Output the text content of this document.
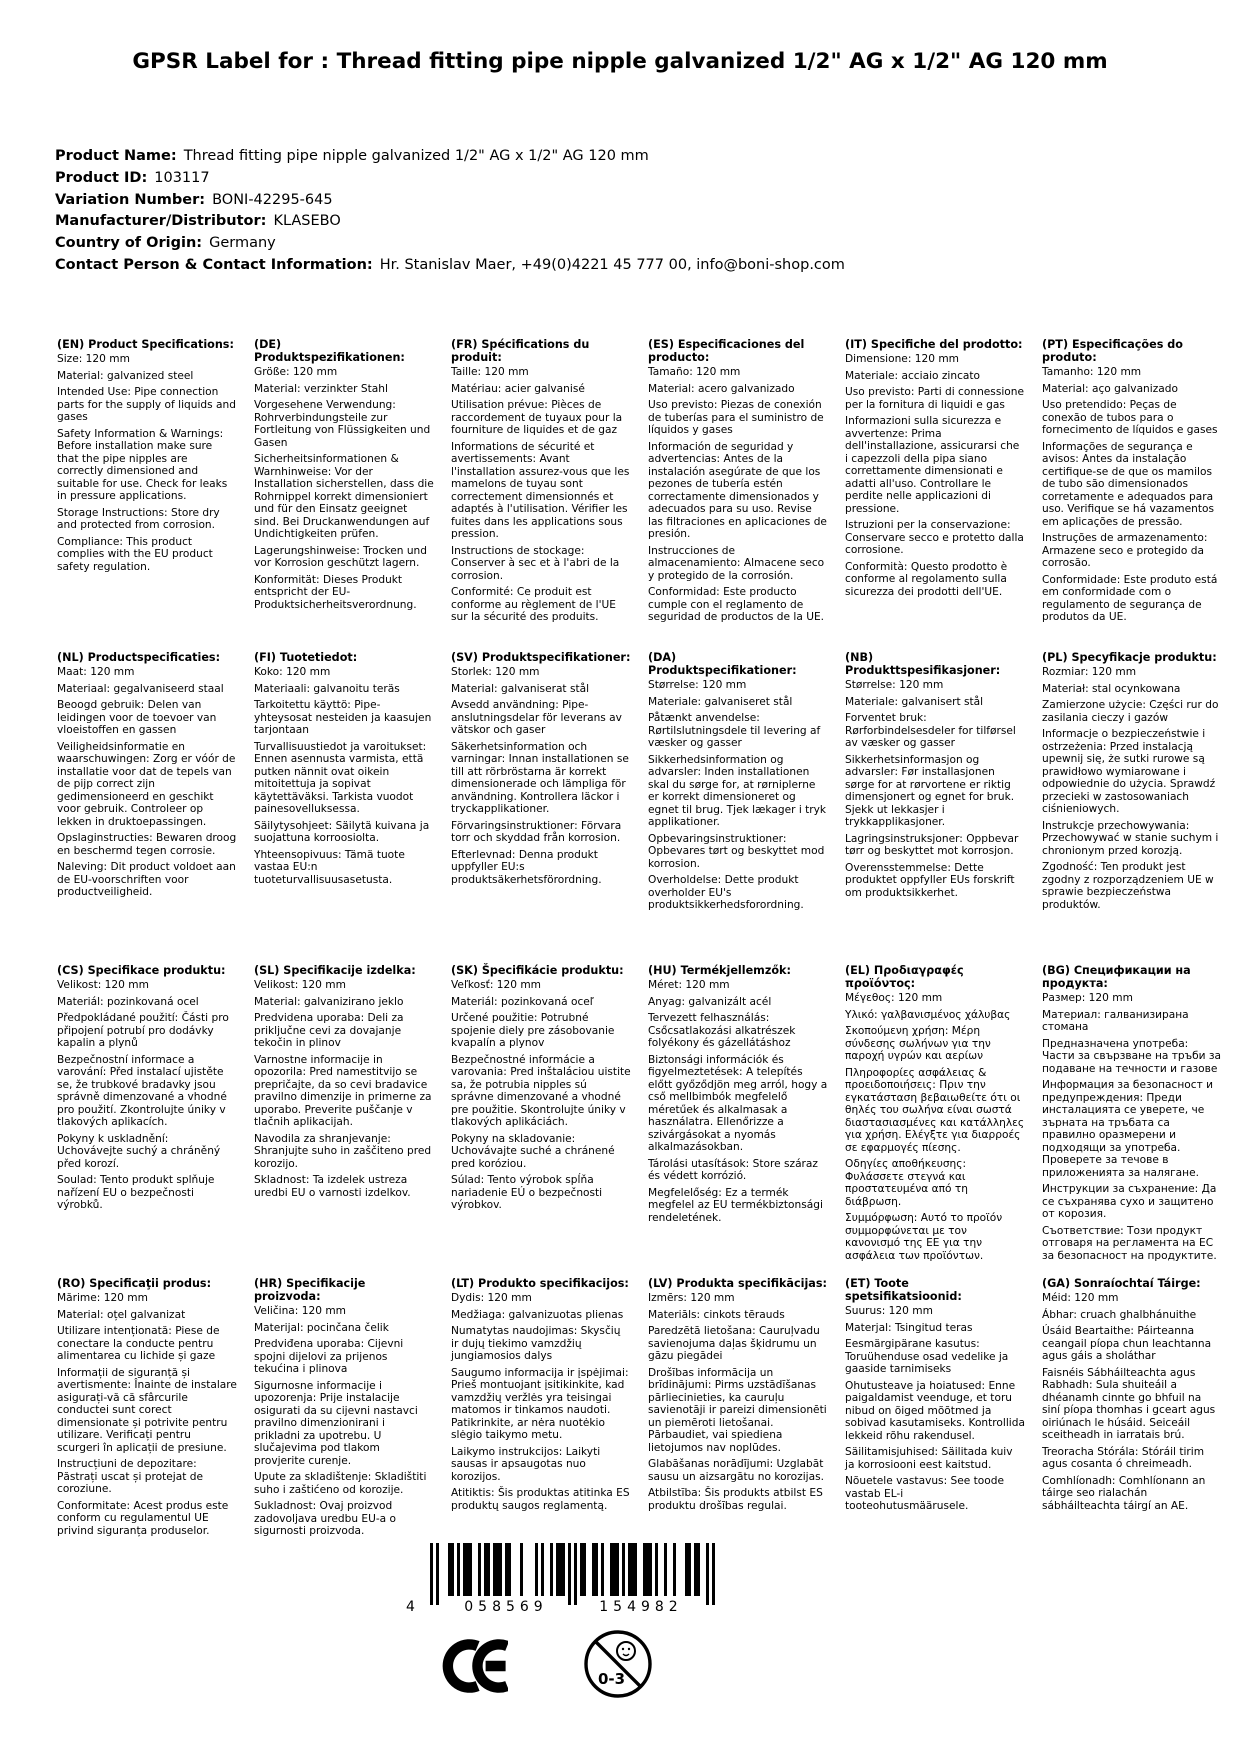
GPSR Label for : Thread fitting pipe nipple galvanized 1/2" AG x 1/2" AG 120 mm
Product Name: Thread fitting pipe nipple galvanized 1/2" AG x 1/2" AG 120 mm
Product ID: 103117
Variation Number: BONI-42295-645
Manufacturer/Distributor: KLASEBO
Country of Origin: Germany
Contact Person & Contact Information: Hr. Stanislav Maer, +49(0)4221 45 777 00, info@boni-shop.com
(EN) Product Specifications:

Size: 120 mm

Material: galvanized steel

Intended Use: Pipe connection parts for the supply of liquids and gases

Safety Information & Warnings: Before installation make sure that the pipe nipples are correctly dimensioned and suitable for use. Check for leaks in pressure applications.

Storage Instructions: Store dry and protected from corrosion.

Compliance: This product complies with the EU product safety regulation.

(DE) Produktspezifikationen:

Größe: 120 mm

Material: verzinkter Stahl

Vorgesehene Verwendung: Rohrverbindungsteile zur Fortleitung von Flüssigkeiten und Gasen

Sicherheitsinformationen & Warnhinweise: Vor der Installation sicherstellen, dass die Rohrnippel korrekt dimensioniert und für den Einsatz geeignet sind. Bei Druckanwendungen auf Undichtigkeiten prüfen.

Lagerungshinweise: Trocken und vor Korrosion geschützt lagern.

Konformität: Dieses Produkt entspricht der EU-Produktsicherheitsverordnung.

(FR) Spécifications du produit:

Taille: 120 mm

Matériau: acier galvanisé

Utilisation prévue: Pièces de raccordement de tuyaux pour la fourniture de liquides et de gaz

Informations de sécurité et avertissements: Avant l'installation assurez-vous que les mamelons de tuyau sont correctement dimensionnés et adaptés à l'utilisation. Vérifier les fuites dans les applications sous pression.

Instructions de stockage: Conserver à sec et à l'abri de la corrosion.

Conformité: Ce produit est conforme au règlement de l'UE sur la sécurité des produits.

(ES) Especificaciones del producto:

Tamaño: 120 mm

Material: acero galvanizado

Uso previsto: Piezas de conexión de tuberías para el suministro de líquidos y gases

Información de seguridad y advertencias: Antes de la instalación asegúrate de que los pezones de tubería estén correctamente dimensionados y adecuados para su uso. Revise las filtraciones en aplicaciones de presión.

Instrucciones de almacenamiento: Almacene seco y protegido de la corrosión.

Conformidad: Este producto cumple con el reglamento de seguridad de productos de la UE.

(IT) Specifiche del prodotto:

Dimensione: 120 mm

Materiale: acciaio zincato

Uso previsto: Parti di connessione per la fornitura di liquidi e gas

Informazioni sulla sicurezza e avvertenze: Prima dell'installazione, assicurarsi che i capezzoli della pipa siano correttamente dimensionati e adatti all'uso. Controllare le perdite nelle applicazioni di pressione.

Istruzioni per la conservazione: Conservare secco e protetto dalla corrosione.

Conformità: Questo prodotto è conforme al regolamento sulla sicurezza dei prodotti dell'UE.

(PT) Especificações do produto:

Tamanho: 120 mm

Material: aço galvanizado

Uso pretendido: Peças de conexão de tubos para o fornecimento de líquidos e gases

Informações de segurança e avisos: Antes da instalação certifique-se de que os mamilos de tubo são dimensionados corretamente e adequados para uso. Verifique se há vazamentos em aplicações de pressão.

Instruções de armazenamento: Armazene seco e protegido da corrosão.

Conformidade: Este produto está em conformidade com o regulamento de segurança de produtos da UE.

(NL) Productspecificaties:

Maat: 120 mm

Materiaal: gegalvaniseerd staal

Beoogd gebruik: Delen van leidingen voor de toevoer van vloeistoffen en gassen

Veiligheidsinformatie en waarschuwingen: Zorg er vóór de installatie voor dat de tepels van de pijp correct zijn gedimensioneerd en geschikt voor gebruik. Controleer op lekken in druktoepassingen.

Opslaginstructies: Bewaren droog en beschermd tegen corrosie.

Naleving: Dit product voldoet aan de EU-voorschriften voor productveiligheid.

(FI) Tuotetiedot:

Koko: 120 mm

Materiaali: galvanoitu teräs

Tarkoitettu käyttö: Pipe-yhteysosat nesteiden ja kaasujen tarjontaan

Turvallisuustiedot ja varoitukset: Ennen asennusta varmista, että putken nännit ovat oikein mitoitettuja ja sopivat käytettäväksi. Tarkista vuodot painesovelluksessa.

Säilytysohjeet: Säilytä kuivana ja suojattuna korroosiolta.

Yhteensopivuus: Tämä tuote vastaa EU:n tuoteturvallisuusasetusta.

(SV) Produktspecifikationer:

Storlek: 120 mm

Material: galvaniserat stål

Avsedd användning: Pipe-anslutningsdelar för leverans av vätskor och gaser

Säkerhetsinformation och varningar: Innan installationen se till att rörbröstarna är korrekt dimensionerade och lämpliga för användning. Kontrollera läckor i tryckapplikationer.

Förvaringsinstruktioner: Förvara torr och skyddad från korrosion.

Efterlevnad: Denna produkt uppfyller EU:s produktsäkerhetsförordning.

(DA) Produktspecifikationer:

Størrelse: 120 mm

Materiale: galvaniseret stål

Påtænkt anvendelse: Rørtilslutningsdele til levering af væsker og gasser

Sikkerhedsinformation og advarsler: Inden installationen skal du sørge for, at rørniplerne er korrekt dimensioneret og egnet til brug. Tjek lækager i tryk applikationer.

Opbevaringsinstruktioner: Opbevares tørt og beskyttet mod korrosion.

Overholdelse: Dette produkt overholder EU's produktsikkerhedsforordning.

(NB) Produkttspesifikasjoner:

Størrelse: 120 mm

Materiale: galvanisert stål

Forventet bruk: Rørforbindelsesdeler for tilførsel av væsker og gasser

Sikkerhetsinformasjon og advarsler: Før installasjonen sørge for at rørvortene er riktig dimensjonert og egnet for bruk. Sjekk ut lekkasjer i trykkapplikasjoner.

Lagringsinstruksjoner: Oppbevar tørr og beskyttet mot korrosjon.

Overensstemmelse: Dette produktet oppfyller EUs forskrift om produktsikkerhet.

(PL) Specyfikacje produktu:

Rozmiar: 120 mm

Materiał: stal ocynkowana

Zamierzone użycie: Części rur do zasilania cieczy i gazów

Informacje o bezpieczeństwie i ostrzeżenia: Przed instalacją upewnij się, że sutki rurowe są prawidłowo wymiarowane i odpowiednie do użycia. Sprawdź przecieki w zastosowaniach ciśnieniowych.

Instrukcje przechowywania: Przechowywać w stanie suchym i chronionym przed korozją.

Zgodność: Ten produkt jest zgodny z rozporządzeniem UE w sprawie bezpieczeństwa produktów.

(CS) Specifikace produktu:

Velikost: 120 mm

Materiál: pozinkovaná ocel

Předpokládané použití: Části pro připojení potrubí pro dodávky kapalin a plynů

Bezpečnostní informace a varování: Před instalací ujistěte se, že trubkové bradavky jsou správně dimenzované a vhodné pro použití. Zkontrolujte úniky v tlakových aplikacích.

Pokyny k uskladnění: Uchovávejte suchý a chráněný před korozí.

Soulad: Tento produkt splňuje nařízení EU o bezpečnosti výrobků.

(SL) Specifikacije izdelka:

Velikost: 120 mm

Material: galvanizirano jeklo

Predvidena uporaba: Deli za priključne cevi za dovajanje tekočin in plinov

Varnostne informacije in opozorila: Pred namestitvijo se prepričajte, da so cevi bradavice pravilno dimenzije in primerne za uporabo. Preverite puščanje v tlačnih aplikacijah.

Navodila za shranjevanje: Shranjujte suho in zaščiteno pred korozijo.

Skladnost: Ta izdelek ustreza uredbi EU o varnosti izdelkov.

(SK) Špecifikácie produktu:

Veľkosť: 120 mm

Materiál: pozinkovaná oceľ

Určené použitie: Potrubné spojenie diely pre zásobovanie kvapalín a plynov

Bezpečnostné informácie a varovania: Pred inštaláciou uistite sa, že potrubia nipples sú správne dimenzované a vhodné pre použitie. Skontrolujte úniky v tlakových aplikáciách.

Pokyny na skladovanie: Uchovávajte suché a chránené pred koróziou.

Súlad: Tento výrobok spĺňa nariadenie EÚ o bezpečnosti výrobkov.

(HU) Termékjellemzők:

Méret: 120 mm

Anyag: galvanizált acél

Tervezett felhasználás: Csőcsatlakozási alkatrészek folyékony és gázellátáshoz

Biztonsági információk és figyelmeztetések: A telepítés előtt győződjön meg arról, hogy a cső mellbimbók megfelelő méretűek és alkalmasak a használatra. Ellenőrizze a szivárgásokat a nyomás alkalmazásokban.

Tárolási utasítások: Store száraz és védett korrózió.

Megfelelőség: Ez a termék megfelel az EU termékbiztonsági rendeletének.

(EL) Προδιαγραφές προϊόντος:

Μέγεθος: 120 mm

Υλικό: γαλβανισμένος χάλυβας

Σκοπούμενη χρήση: Μέρη σύνδεσης σωλήνων για την παροχή υγρών και αερίων

Πληροφορίες ασφάλειας & προειδοποιήσεις: Πριν την εγκατάσταση βεβαιωθείτε ότι οι θηλές του σωλήνα είναι σωστά διαστασιασμένες και κατάλληλες για χρήση. Ελέγξτε για διαρροές σε εφαρμογές πίεσης.

Οδηγίες αποθήκευσης: Φυλάσσετε στεγνά και προστατευμένα από τη διάβρωση.

Συμμόρφωση: Αυτό το προϊόν συμμορφώνεται με τον κανονισμό της ΕΕ για την ασφάλεια των προϊόντων.

(BG) Спецификации на продукта:

Размер: 120 mm

Материал: галванизирана стомана

Предназначена употреба: Части за свързване на тръби за подаване на течности и газове

Информация за безопасност и предупреждения: Преди инсталацията се уверете, че зърната на тръбата са правилно оразмерени и подходящи за употреба. Проверете за течове в приложенията за налягане.

Инструкции за съхранение: Да се съхранява сухо и защитено от корозия.

Съответствие: Този продукт отговаря на регламента на ЕС за безопасност на продуктите.

(RO) Specificaţii produs:

Mărime: 120 mm

Material: oțel galvanizat

Utilizare intenționată: Piese de conectare la conducte pentru alimentarea cu lichide și gaze

Informații de siguranță și avertismente: Înainte de instalare asigurați-vă că sfârcurile conductei sunt corect dimensionate și potrivite pentru utilizare. Verificați pentru scurgeri în aplicații de presiune.

Instrucțiuni de depozitare: Păstrați uscat și protejat de coroziune.

Conformitate: Acest produs este conform cu regulamentul UE privind siguranța produselor.

(HR) Specifikacije proizvoda:

Veličina: 120 mm

Materijal: pocinčana čelik

Predviđena uporaba: Cijevni spojni dijelovi za prijenos tekućina i plinova

Sigurnosne informacije i upozorenja: Prije instalacije osigurati da su cijevni nastavci pravilno dimenzionirani i prikladni za upotrebu. U slučajevima pod tlakom provjerite curenje.

Upute za skladištenje: Skladištiti suho i zaštićeno od korozije.

Sukladnost: Ovaj proizvod zadovoljava uredbu EU-a o sigurnosti proizvoda.

(LT) Produkto specifikacijos:

Dydis: 120 mm

Medžiaga: galvanizuotas plienas

Numatytas naudojimas: Skysčių ir dujų tiekimo vamzdžių jungiamosios dalys

Saugumo informacija ir įspėjimai: Prieš montuojant įsitikinkite, kad vamzdžių veržlės yra teisingai matomos ir tinkamos naudoti. Patikrinkite, ar nėra nuotėkio slėgio taikymo metu.

Laikymo instrukcijos: Laikyti sausas ir apsaugotas nuo korozijos.

Atitiktis: Šis produktas atitinka ES produktų saugos reglamentą.

(LV) Produkta specifikācijas:

Izmērs: 120 mm

Materiāls: cinkots tērauds

Paredzētā lietošana: Cauruļvadu savienojuma daļas šķidrumu un gāzu piegādei

Drošības informācija un brīdinājumi: Pirms uzstādīšanas pārliecinieties, ka cauruļu savienotāji ir pareizi dimensionēti un piemēroti lietošanai. Pārbaudiet, vai spiediena lietojumos nav noplūdes.

Glabāšanas norādījumi: Uzglabāt sausu un aizsargātu no korozijas.

Atbilstība: Šis produkts atbilst ES produktu drošības regulai.

(ET) Toote spetsifikatsioonid:

Suurus: 120 mm

Materjal: Tsingitud teras

Eesmärgipärane kasutus: Toruühenduse osad vedelike ja gaaside tarnimiseks

Ohutusteave ja hoiatused: Enne paigaldamist veenduge, et toru nibud on õiged mõõtmed ja sobivad kasutamiseks. Kontrollida lekkeid rõhu rakendusel.

Säilitamisjuhised: Säilitada kuiv ja korrosiooni eest kaitstud.

Nõuetele vastavus: See toode vastab EL-i tooteohutusmäärusele.

(GA) Sonraíochtaí Táirge:

Méid: 120 mm

Ábhar: cruach ghalbhánuithe

Úsáid Beartaithe: Páirteanna ceangail píopa chun leachtanna agus gáis a sholáthar

Faisnéis Sábháilteachta agus Rabhadh: Sula shuiteáil a dhéanamh cinnte go bhfuil na siní píopa thomhas i gceart agus oiriúnach le húsáid. Seiceáil sceitheadh in iarratais brú.

Treoracha Stórála: Stóráil tirim agus cosanta ó chreimeadh.

Comhlíonadh: Comhlíonann an táirge seo rialachán sábháilteachta táirgí an AE.

4	058569	154982
0-3
